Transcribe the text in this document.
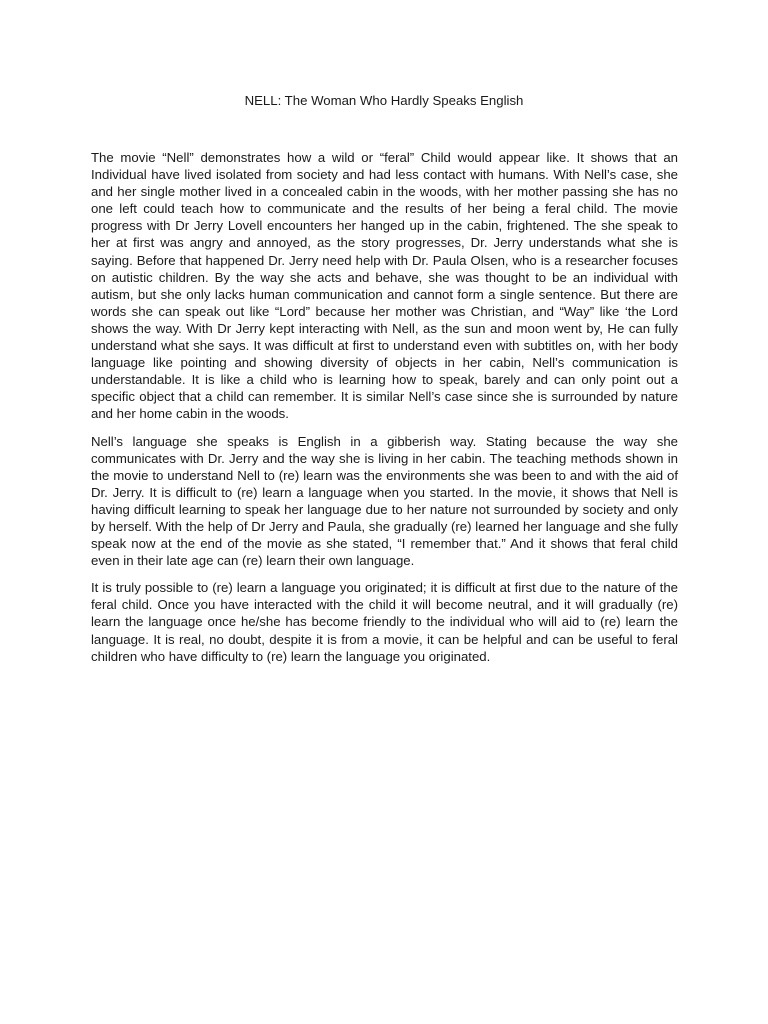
NELL: The Woman Who Hardly Speaks English

The movie “Nell” demonstrates how a wild or “feral” Child would appear like. It shows that an Individual have lived isolated from society and had less contact with humans. With Nell’s case, she and her single mother lived in a concealed cabin in the woods, with her mother passing she has no one left could teach how to communicate and the results of her being a feral child. The movie progress with Dr Jerry Lovell encounters her hanged up in the cabin, frightened. The she speak to her at first was angry and annoyed, as the story progresses, Dr. Jerry understands what she is saying. Before that happened Dr. Jerry need help with Dr. Paula Olsen, who is a researcher focuses on autistic children. By the way she acts and behave, she was thought to be an individual with autism, but she only lacks human communication and cannot form a single sentence. But there are words she can speak out like “Lord” because her mother was Christian, and “Way” like ‘the Lord shows the way. With Dr Jerry kept interacting with Nell, as the sun and moon went by, He can fully understand what she says. It was difficult at first to understand even with subtitles on, with her body language like pointing and showing diversity of objects in her cabin, Nell’s communication is understandable. It is like a child who is learning how to speak, barely and can only point out a specific object that a child can remember. It is similar Nell’s case since she is surrounded by nature and her home cabin in the woods.

Nell’s language she speaks is English in a gibberish way. Stating because the way she communicates with Dr. Jerry and the way she is living in her cabin. The teaching methods shown in the movie to understand Nell to (re) learn was the environments she was been to and with the aid of Dr. Jerry. It is difficult to (re) learn a language when you started. In the movie, it shows that Nell is having difficult learning to speak her language due to her nature not surrounded by society and only by herself. With the help of Dr Jerry and Paula, she gradually (re) learned her language and she fully speak now at the end of the movie as she stated, “I remember that.” And it shows that feral child even in their late age can (re) learn their own language.

It is truly possible to (re) learn a language you originated; it is difficult at first due to the nature of the feral child. Once you have interacted with the child it will become neutral, and it will gradually (re) learn the language once he/she has become friendly to the individual who will aid to (re) learn the language. It is real, no doubt, despite it is from a movie, it can be helpful and can be useful to feral children who have difficulty to (re) learn the language you originated.
